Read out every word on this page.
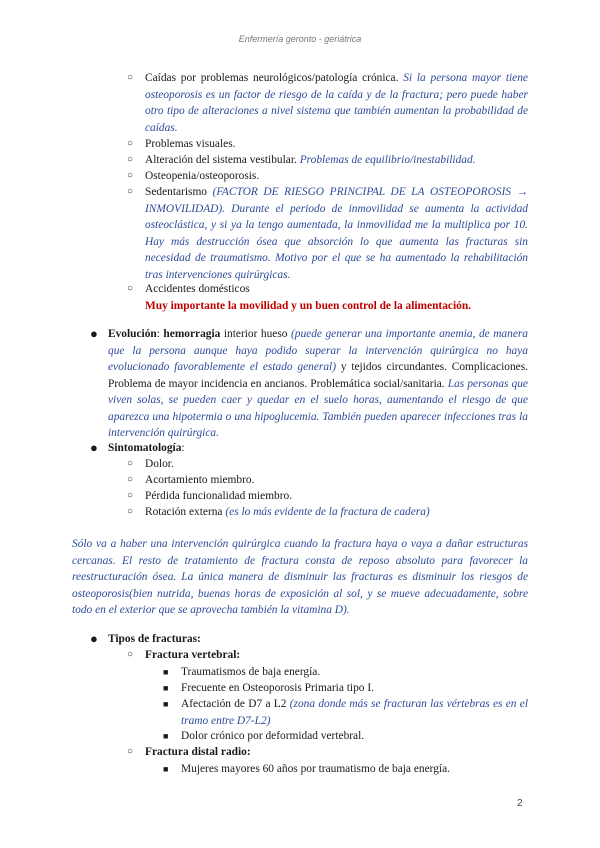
Enfermería geronto - geriátrica
○ Caídas por problemas neurológicos/patología crónica. Si la persona mayor tiene osteoporosis es un factor de riesgo de la caída y de la fractura; pero puede haber otro tipo de alteraciones a nivel sistema que también aumentan la probabilidad de caídas.
○ Problemas visuales.
○ Alteración del sistema vestibular. Problemas de equilibrio/inestabilidad.
○ Osteopenia/osteoporosis.
○ Sedentarismo (FACTOR DE RIESGO PRINCIPAL DE LA OSTEOPOROSIS → INMOVILIDAD). Durante el periodo de inmovilidad se aumenta la actividad osteoclástica, y si ya la tengo aumentada, la inmovilidad me la multiplica por 10. Hay más destrucción ósea que absorción lo que aumenta las fracturas sin necesidad de traumatismo. Motivo por el que se ha aumentado la rehabilitación tras intervenciones quirúrgicas.
○ Accidentes domésticos
Muy importante la movilidad y un buen control de la alimentación.
● Evolución: hemorragia interior hueso (puede generar una importante anemia, de manera que la persona aunque haya podido superar la intervención quirúrgica no haya evolucionado favorablemente el estado general) y tejidos circundantes. Complicaciones. Problema de mayor incidencia en ancianos. Problemática social/sanitaria. Las personas que viven solas, se pueden caer y quedar en el suelo horas, aumentando el riesgo de que aparezca una hipotermia o una hipoglucemia. También pueden aparecer infecciones tras la intervención quirúrgica.
● Sintomatología:
○ Dolor.
○ Acortamiento miembro.
○ Pérdida funcionalidad miembro.
○ Rotación externa (es lo más evidente de la fractura de cadera)
Sólo va a haber una intervención quirúrgica cuando la fractura haya o vaya a dañar estructuras cercanas. El resto de tratamiento de fractura consta de reposo absoluto para favorecer la reestructuración ósea. La única manera de disminuir las fracturas es disminuir los riesgos de osteoporosis(bien nutrida, buenas horas de exposición al sol, y se mueve adecuadamente, sobre todo en el exterior que se aprovecha también la vitamina D).
● Tipos de fracturas:
○ Fractura vertebral:
■ Traumatismos de baja energía.
■ Frecuente en Osteoporosis Primaria tipo I.
■ Afectación de D7 a L2 (zona donde más se fracturan las vértebras es en el tramo entre D7-L2)
■ Dolor crónico por deformidad vertebral.
○ Fractura distal radio:
■ Mujeres mayores 60 años por traumatismo de baja energía.
2
